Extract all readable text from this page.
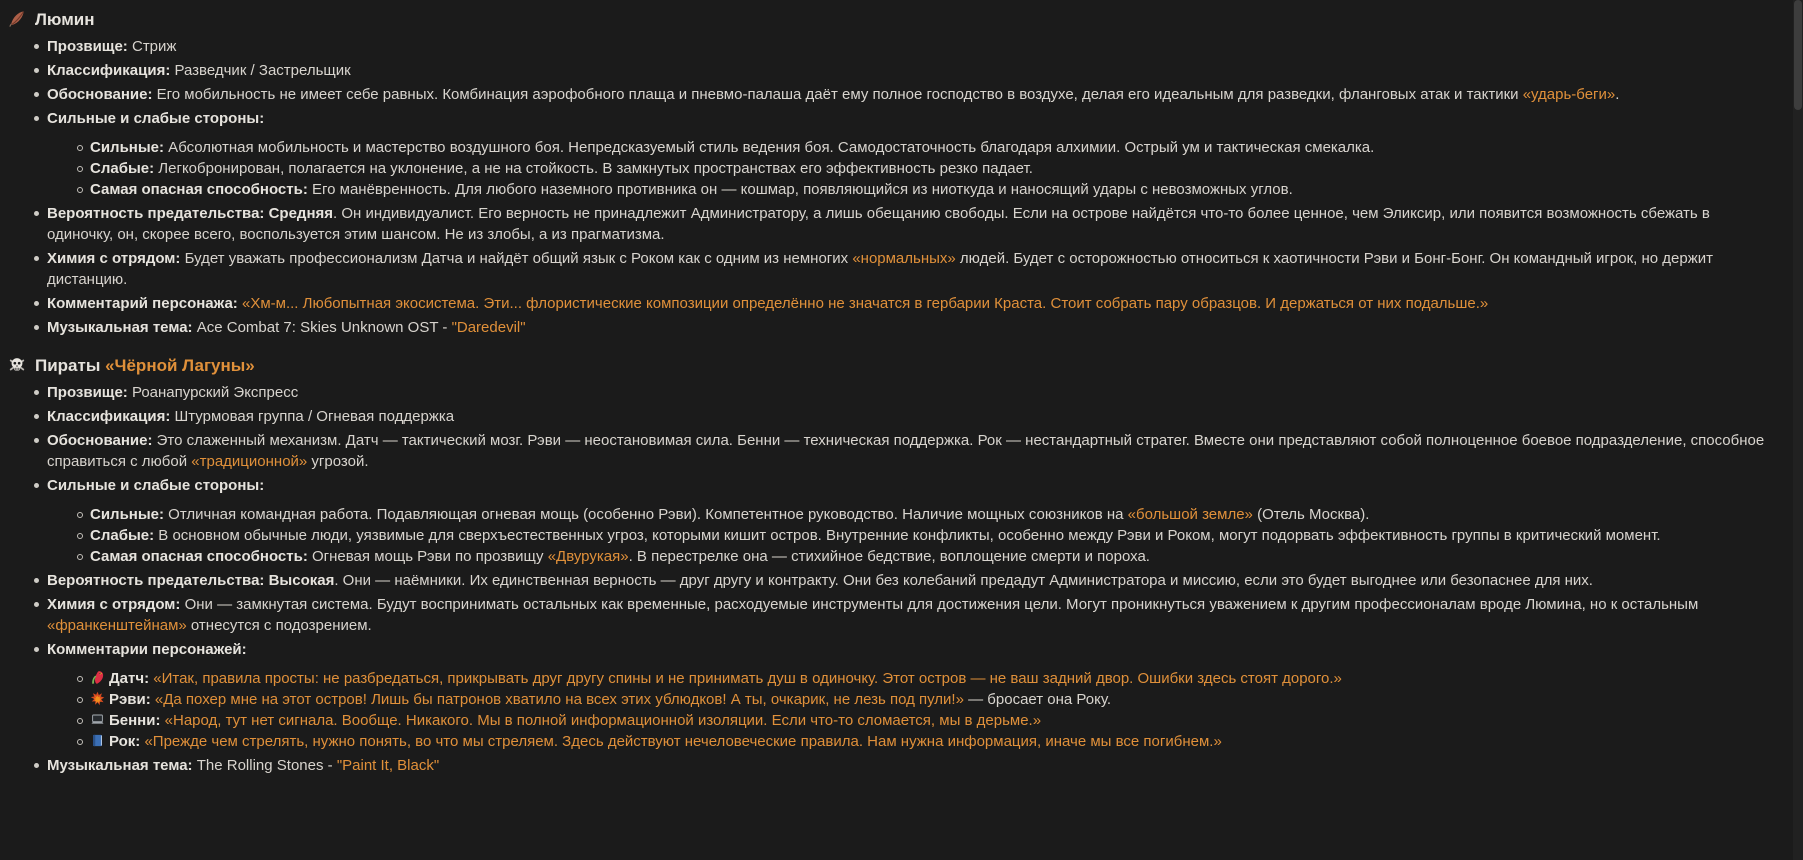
Люмин
Прозвище: Стриж
Классификация: Разведчик / Застрельщик
Обоснование: Его мобильность не имеет себе равных. Комбинация аэрофобного плаща и пневмо-палаша даёт ему полное господство в воздухе, делая его идеальным для разведки, фланговых атак и тактики «ударь-беги».
Сильные и слабые стороны:
Сильные: Абсолютная мобильность и мастерство воздушного боя. Непредсказуемый стиль ведения боя. Самодостаточность благодаря алхимии. Острый ум и тактическая смекалка.
Слабые: Легкобронирован, полагается на уклонение, а не на стойкость. В замкнутых пространствах его эффективность резко падает.
Самая опасная способность: Его манёвренность. Для любого наземного противника он — кошмар, появляющийся из ниоткуда и наносящий удары с невозможных углов.
Вероятность предательства: Средняя. Он индивидуалист. Его верность не принадлежит Администратору, а лишь обещанию свободы. Если на острове найдётся что-то более ценное, чем Эликсир, или появится возможность сбежать в одиночку, он, скорее всего, воспользуется этим шансом. Не из злобы, а из прагматизма.
Химия с отрядом: Будет уважать профессионализм Датча и найдёт общий язык с Роком как с одним из немногих «нормальных» людей. Будет с осторожностью относиться к хаотичности Рэви и Бонг-Бонг. Он командный игрок, но держит дистанцию.
Комментарий персонажа: «Хм-м... Любопытная экосистема. Эти... флористические композиции определённо не значатся в гербарии Краста. Стоит собрать пару образцов. И держаться от них подальше.»
Музыкальная тема: Ace Combat 7: Skies Unknown OST - "Daredevil"
Пираты «Чёрной Лагуны»
Прозвище: Роанапурский Экспресс
Классификация: Штурмовая группа / Огневая поддержка
Обоснование: Это слаженный механизм. Датч — тактический мозг. Рэви — неостановимая сила. Бенни — техническая поддержка. Рок — нестандартный стратег. Вместе они представляют собой полноценное боевое подразделение, способное справиться с любой «традиционной» угрозой.
Сильные и слабые стороны:
Сильные: Отличная командная работа. Подавляющая огневая мощь (особенно Рэви). Компетентное руководство. Наличие мощных союзников на «большой земле» (Отель Москва).
Слабые: В основном обычные люди, уязвимые для сверхъестественных угроз, которыми кишит остров. Внутренние конфликты, особенно между Рэви и Роком, могут подорвать эффективность группы в критический момент.
Самая опасная способность: Огневая мощь Рэви по прозвищу «Двурукая». В перестрелке она — стихийное бедствие, воплощение смерти и пороха.
Вероятность предательства: Высокая. Они — наёмники. Их единственная верность — друг другу и контракту. Они без колебаний предадут Администратора и миссию, если это будет выгоднее или безопаснее для них.
Химия с отрядом: Они — замкнутая система. Будут воспринимать остальных как временные, расходуемые инструменты для достижения цели. Могут проникнуться уважением к другим профессионалам вроде Люмина, но к остальным «франкенштейнам» отнесутся с подозрением.
Комментарии персонажей:
Датч: «Итак, правила просты: не разбредаться, прикрывать друг другу спины и не принимать душ в одиночку. Этот остров — не ваш задний двор. Ошибки здесь стоят дорого.»
Рэви: «Да похер мне на этот остров! Лишь бы патронов хватило на всех этих ублюдков! А ты, очкарик, не лезь под пули!» — бросает она Року.
Бенни: «Народ, тут нет сигнала. Вообще. Никакого. Мы в полной информационной изоляции. Если что-то сломается, мы в дерьме.»
Рок: «Прежде чем стрелять, нужно понять, во что мы стреляем. Здесь действуют нечеловеческие правила. Нам нужна информация, иначе мы все погибнем.»
Музыкальная тема: The Rolling Stones - "Paint It, Black"
